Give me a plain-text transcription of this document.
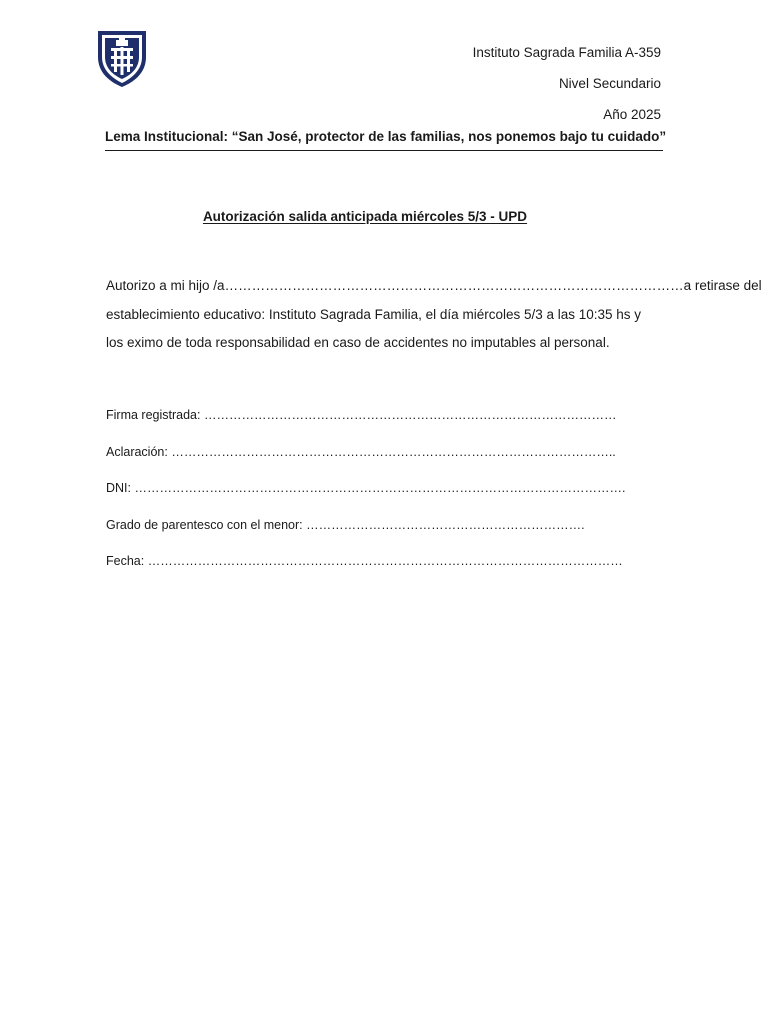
Instituto Sagrada Familia A-359
Nivel Secundario
Año 2025
Lema Institucional: “San José, protector de las familias, nos ponemos bajo tu cuidado”
Autorización salida anticipada miércoles 5/3 - UPD
Autorizo a mi hijo /a ………………………………………………………………………………………… a retirase del
establecimiento educativo: Instituto Sagrada Familia, el día miércoles 5/3 a las 10:35 hs y
los eximo de toda responsabilidad en caso de accidentes no imputables al personal.
Firma registrada: ………………………………………………………………………………………
Aclaración: ……………………………………………………………………………………………..
DNI: ……………………………………………………………………………………………………….
Grado de parentesco con el menor: ………………………………………………………….
Fecha: ……………………………………………………………………………………………………
